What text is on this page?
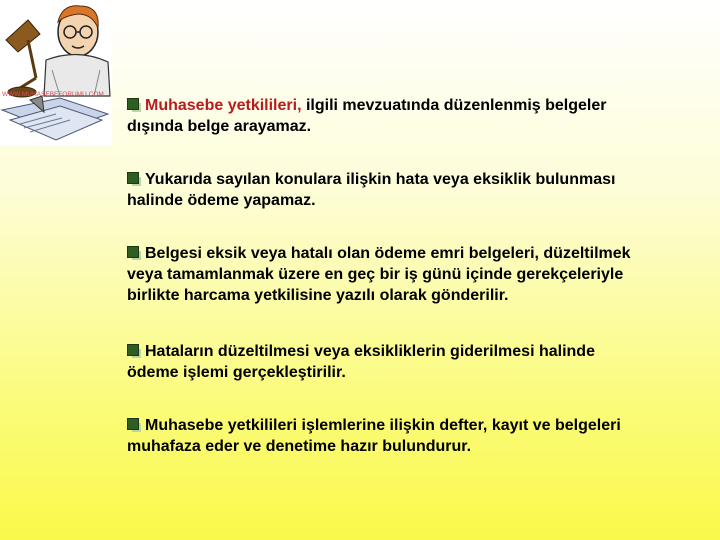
WWW.MUHASEBEFORUMU.COM
Muhasebe yetkilileri, ilgili mevzuatında düzenlenmiş belgeler dışında belge arayamaz.
Yukarıda sayılan konulara ilişkin hata veya eksiklik bulunması halinde ödeme yapamaz.
Belgesi eksik veya hatalı olan ödeme emri belgeleri, düzeltilmek veya tamamlanmak üzere en geç bir iş günü içinde gerekçeleriyle birlikte harcama yetkilisine yazılı olarak gönderilir.
Hataların düzeltilmesi veya eksikliklerin giderilmesi halinde ödeme işlemi gerçekleştirilir.
Muhasebe yetkilileri işlemlerine ilişkin defter, kayıt ve belgeleri muhafaza eder ve denetime hazır bulundurur.
